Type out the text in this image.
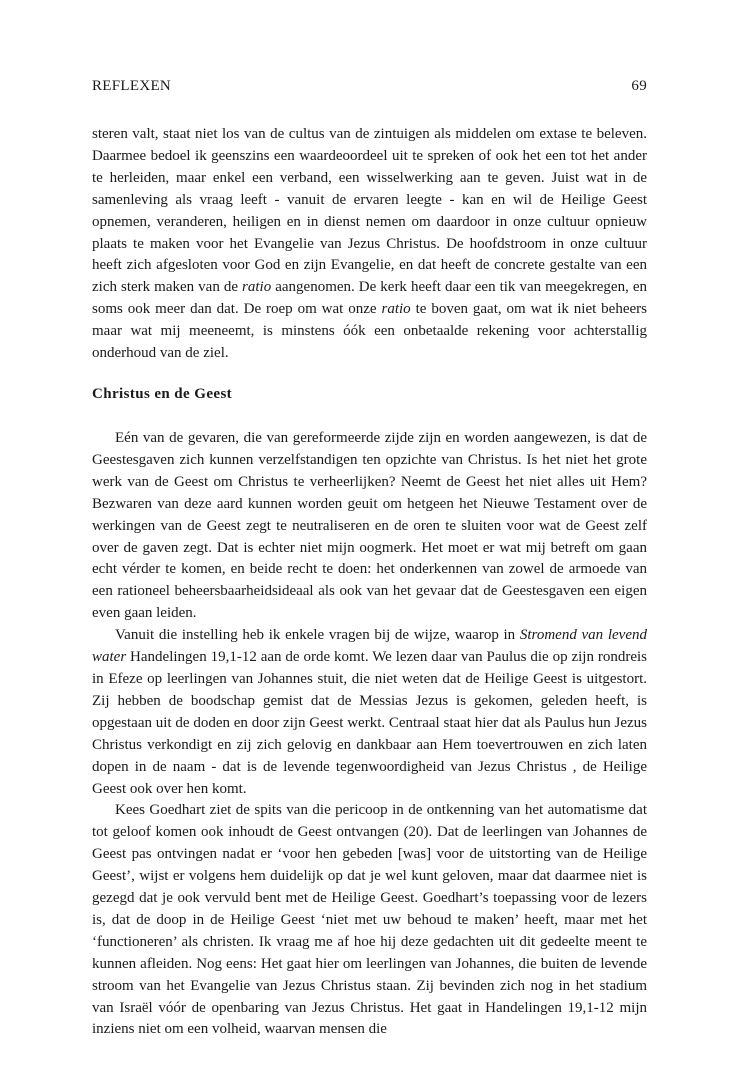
REFLEXEN	69

steren valt, staat niet los van de cultus van de zintuigen als middelen om extase te beleven. Daarmee bedoel ik geenszins een waardeoordeel uit te spreken of ook het een tot het ander te herleiden, maar enkel een verband, een wisselwerking aan te geven. Juist wat in de samenleving als vraag leeft - vanuit de ervaren leegte - kan en wil de Heilige Geest opnemen, veranderen, heiligen en in dienst nemen om daardoor in onze cultuur opnieuw plaats te maken voor het Evangelie van Jezus Christus. De hoofdstroom in onze cultuur heeft zich afgesloten voor God en zijn Evangelie, en dat heeft de concrete gestalte van een zich sterk maken van de ratio aangenomen. De kerk heeft daar een tik van meegekregen, en soms ook meer dan dat. De roep om wat onze ratio te boven gaat, om wat ik niet beheers maar wat mij meeneemt, is minstens óók een onbetaalde rekening voor achterstallig onderhoud van de ziel.

Christus en de Geest

Eén van de gevaren, die van gereformeerde zijde zijn en worden aangewezen, is dat de Geestesgaven zich kunnen verzelfstandigen ten opzichte van Christus. Is het niet het grote werk van de Geest om Christus te verheerlijken? Neemt de Geest het niet alles uit Hem? Bezwaren van deze aard kunnen worden geuit om hetgeen het Nieuwe Testament over de werkingen van de Geest zegt te neutraliseren en de oren te sluiten voor wat de Geest zelf over de gaven zegt. Dat is echter niet mijn oogmerk. Het moet er wat mij betreft om gaan echt vérder te komen, en beide recht te doen: het onderkennen van zowel de armoede van een rationeel beheersbaarheidsideaal als ook van het gevaar dat de Geestesgaven een eigen even gaan leiden.

Vanuit die instelling heb ik enkele vragen bij de wijze, waarop in Stromend van levend water Handelingen 19,1-12 aan de orde komt. We lezen daar van Paulus die op zijn rondreis in Efeze op leerlingen van Johannes stuit, die niet weten dat de Heilige Geest is uitgestort. Zij hebben de boodschap gemist dat de Messias Jezus is gekomen, geleden heeft, is opgestaan uit de doden en door zijn Geest werkt. Centraal staat hier dat als Paulus hun Jezus Christus verkondigt en zij zich gelovig en dankbaar aan Hem toevertrouwen en zich laten dopen in de naam - dat is de levende tegenwoordigheid van Jezus Christus , de Heilige Geest ook over hen komt.

Kees Goedhart ziet de spits van die pericoop in de ontkenning van het automatisme dat tot geloof komen ook inhoudt de Geest ontvangen (20). Dat de leerlingen van Johannes de Geest pas ontvingen nadat er ‘voor hen gebeden [was] voor de uitstorting van de Heilige Geest’, wijst er volgens hem duidelijk op dat je wel kunt geloven, maar dat daarmee niet is gezegd dat je ook vervuld bent met de Heilige Geest. Goedhart’s toepassing voor de lezers is, dat de doop in de Heilige Geest ‘niet met uw behoud te maken’ heeft, maar met het ‘functioneren’ als christen. Ik vraag me af hoe hij deze gedachten uit dit gedeelte meent te kunnen afleiden. Nog eens: Het gaat hier om leerlingen van Johannes, die buiten de levende stroom van het Evangelie van Jezus Christus staan. Zij bevinden zich nog in het stadium van Israël vóór de openbaring van Jezus Christus. Het gaat in Handelingen 19,1-12 mijn inziens niet om een volheid, waarvan mensen die
